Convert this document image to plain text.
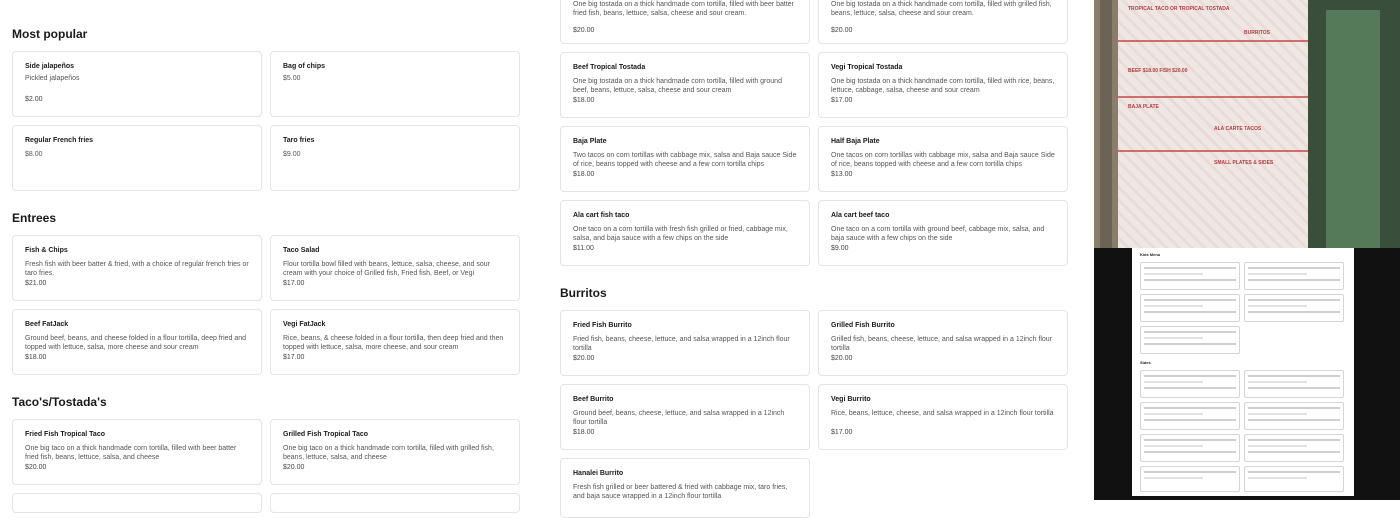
Most popular
Entrees
Taco's/Tostada's
Burritos
Side jalapeños
Pickled jalapeños
$2.00
Bag of chips
$5.00
Regular French fries
$8.00
Taro fries
$9.00
Fish & Chips
Fresh fish with beer batter & fried, with a choice of regular french fries or taro fries.
$21.00
Taco Salad
Flour tortilla bowl filled with beans, lettuce, salsa, cheese, and sour cream with your choice of Grilled fish, Fried fish, Beef, or Vegi
$17.00
Beef FatJack
Ground beef, beans, and cheese folded in a flour tortilla, deep fried and topped with lettuce, salsa, more cheese and sour cream
$18.00
Vegi FatJack
Rice, beans, & cheese folded in a flour tortilla, then deep fried and then topped with lettuce, salsa, more cheese, and sour cream
$17.00
Fried Fish Tropical Taco
One big taco on a thick handmade corn tortilla, filled with beer batter fried fish, beans, lettuce, salsa, and cheese
$20.00
Grilled Fish Tropical Taco
One big taco on a thick handmade corn tortilla, filled with grilled fish, beans, lettuce, salsa, and cheese
$20.00
One big tostada on a thick handmade corn tortilla, filled with beer batter fried fish, beans, lettuce, salsa, cheese and sour cream.
$20.00
One big tostada on a thick handmade corn tortilla, filled with grilled fish, beans, lettuce, salsa, cheese and sour cream.
$20.00
Beef Tropical Tostada
One big tostada on a thick handmade corn tortilla, filled with ground beef, beans, lettuce, salsa, cheese and sour cream
$18.00
Vegi Tropical Tostada
One big tostada on a thick handmade corn tortilla, filled with rice, beans, lettuce, cabbage, salsa, cheese and sour cream
$17.00
Baja Plate
Two tacos on corn tortillas with cabbage mix, salsa and Baja sauce Side of rice, beans topped with cheese and a few corn tortilla chips
$18.00
Half Baja Plate
One tacos on corn tortillas with cabbage mix, salsa and Baja sauce Side of rice, beans topped with cheese and a few corn tortilla chips
$13.00
Ala cart fish taco
One taco on a corn tortilla with fresh fish grilled or fried, cabbage mix, salsa, and baja sauce with a few chips on the side
$11.00
Ala cart beef taco
One taco on a corn tortilla with ground beef, cabbage mix, salsa, and baja sauce with a few chips on the side
$9.00
Fried Fish Burrito
Fried fish, beans, cheese, lettuce, and salsa wrapped in a 12inch flour tortilla
$20.00
Grilled Fish Burrito
Grilled fish, beans, cheese, lettuce, and salsa wrapped in a 12inch flour tortilla
$20.00
Beef Burrito
Ground beef, beans, cheese, lettuce, and salsa wrapped in a 12inch flour tortilla
$18.00
Vegi Burrito
Rice, beans, lettuce, cheese, and salsa wrapped in a 12inch flour tortilla
$17.00
Hanalei Burrito
Fresh fish grilled or beer battered & fried with cabbage mix, taro fries, and baja sauce wrapped in a 12inch flour tortilla
TROPICAL TACO OR TROPICAL TOSTADA
BURRITOS
BEEF $18.00 FISH $20.00
BAJA PLATE
ALA CARTE TACOS
SMALL PLATES & SIDES
Kids Menu
Sides
